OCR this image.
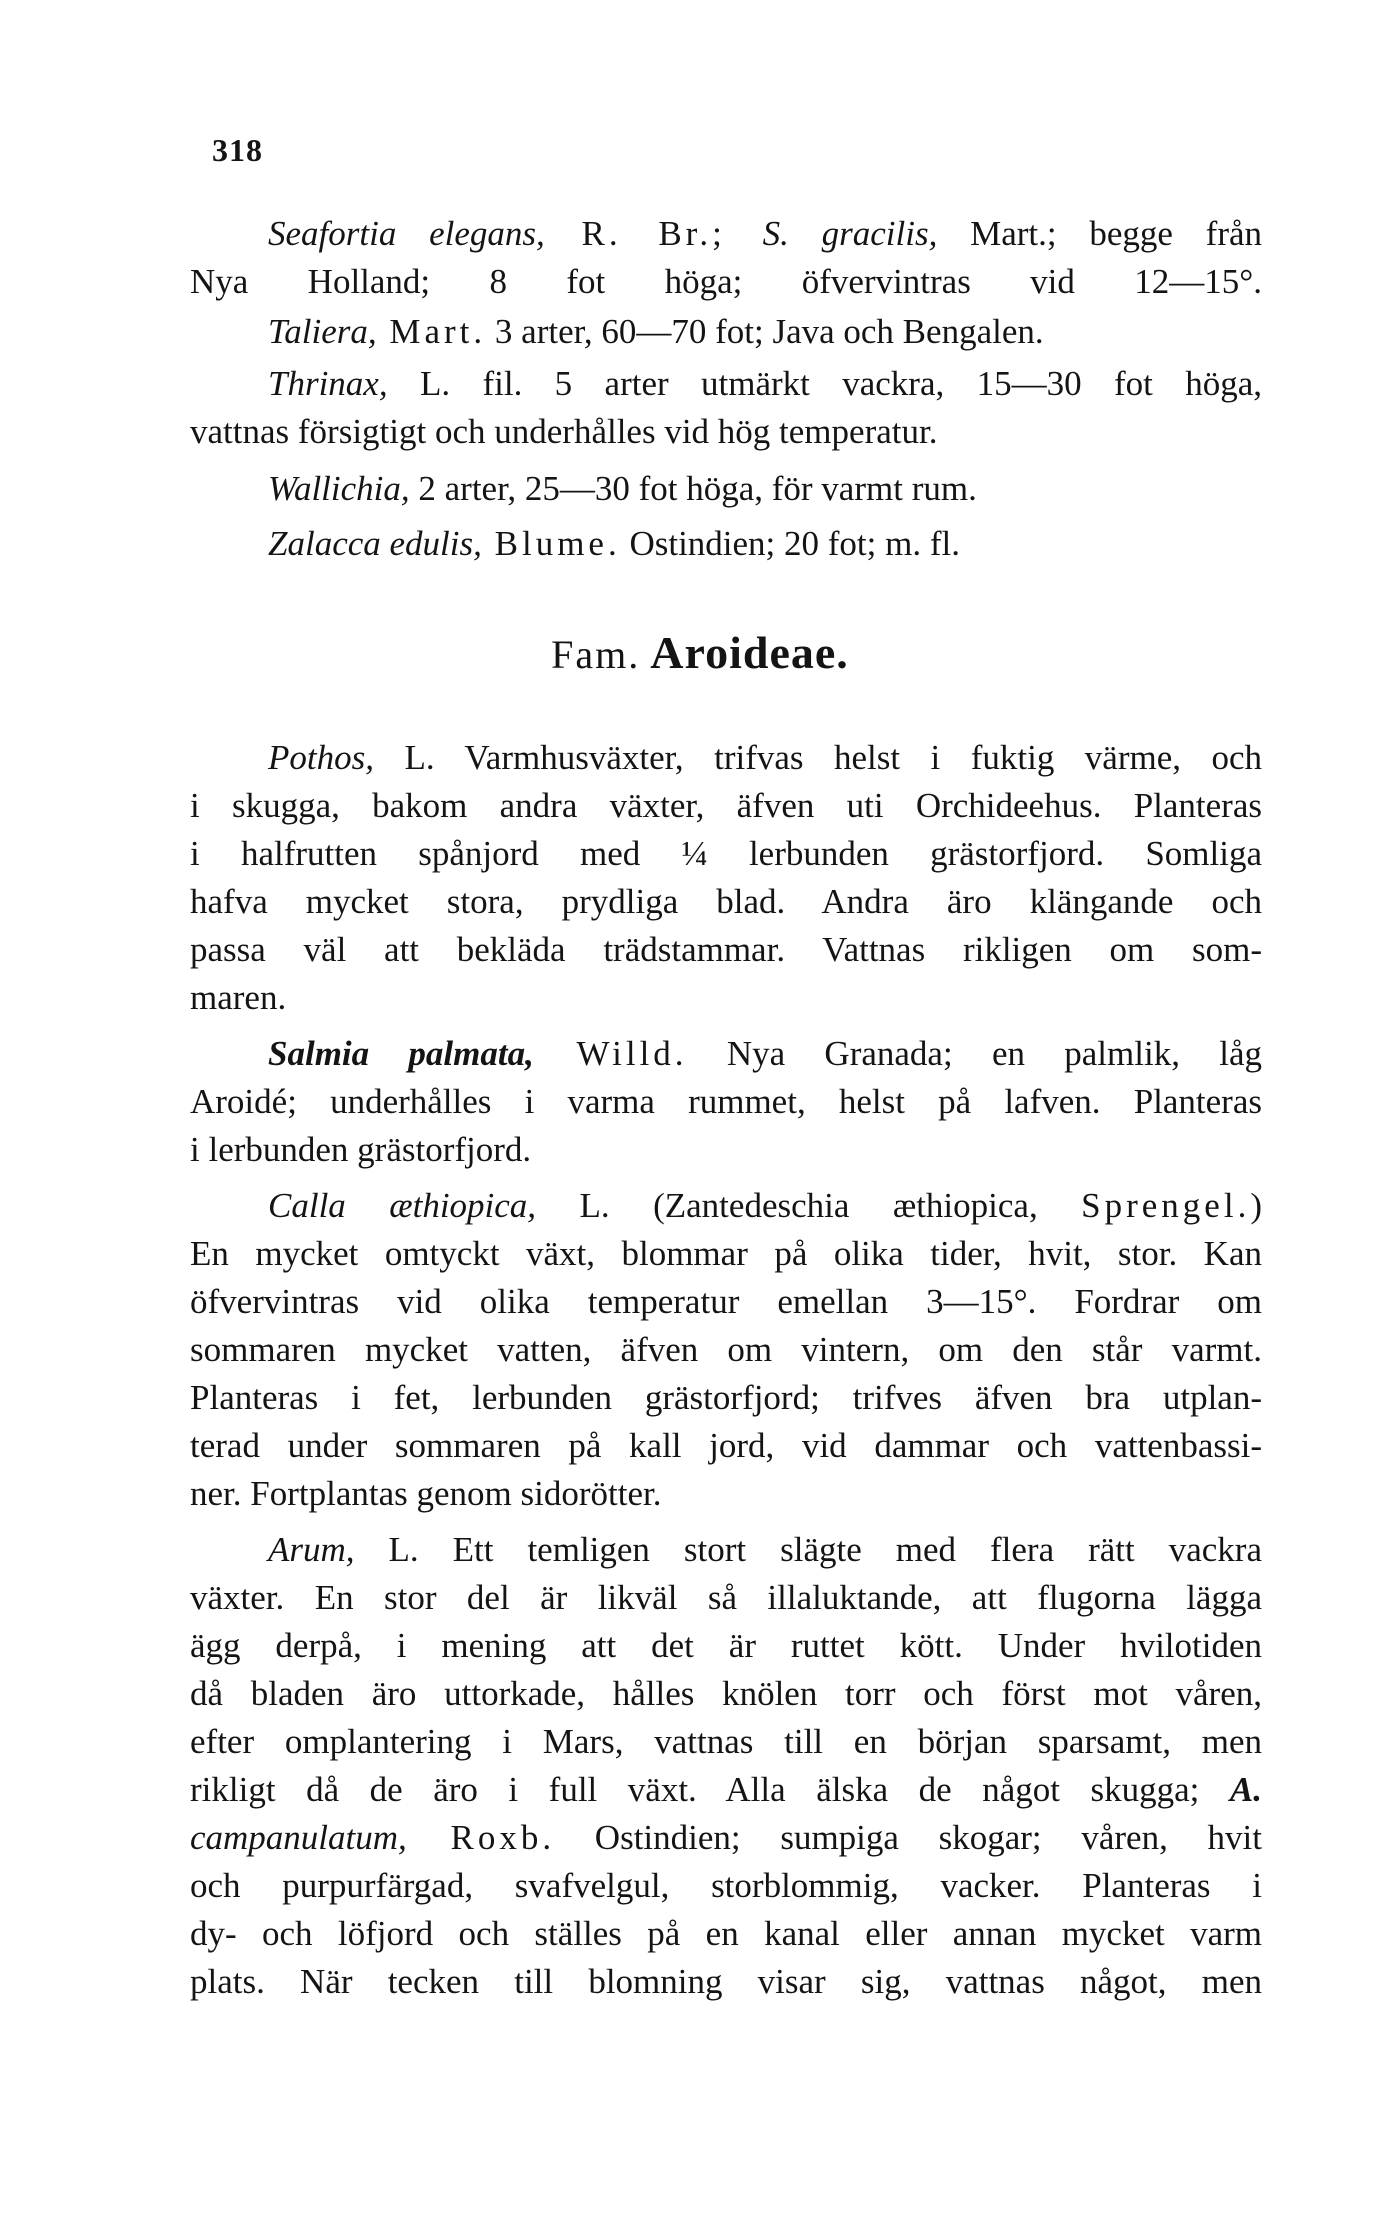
318
Seafortia elegans, R. Br.; S. gracilis, Mart.; begge från
Nya Holland; 8 fot höga; öfvervintras vid 12—15°.
Taliera, Mart. 3 arter, 60—70 fot; Java och Bengalen.
Thrinax, L. fil. 5 arter utmärkt vackra, 15—30 fot höga,
vattnas försigtigt och underhålles vid hög temperatur.
Wallichia, 2 arter, 25—30 fot höga, för varmt rum.
Zalacca edulis, Blume. Ostindien; 20 fot; m. fl.
Fam. Aroideae.
Pothos, L. Varmhusväxter, trifvas helst i fuktig värme, och
i skugga, bakom andra växter, äfven uti Orchideehus. Planteras
i halfrutten spånjord med ¼ lerbunden grästorfjord. Somliga
hafva mycket stora, prydliga blad. Andra äro klängande och
passa väl att bekläda trädstammar. Vattnas rikligen om som-
maren.
Salmia palmata, Willd. Nya Granada; en palmlik, låg
Aroidé; underhålles i varma rummet, helst på lafven. Planteras
i lerbunden grästorfjord.
Calla æthiopica, L. (Zantedeschia æthiopica, Sprengel.)
En mycket omtyckt växt, blommar på olika tider, hvit, stor. Kan
öfvervintras vid olika temperatur emellan 3—15°. Fordrar om
sommaren mycket vatten, äfven om vintern, om den står varmt.
Planteras i fet, lerbunden grästorfjord; trifves äfven bra utplan-
terad under sommaren på kall jord, vid dammar och vattenbassi-
ner. Fortplantas genom sidorötter.
Arum, L. Ett temligen stort slägte med flera rätt vackra
växter. En stor del är likväl så illaluktande, att flugorna lägga
ägg derpå, i mening att det är ruttet kött. Under hvilotiden
då bladen äro uttorkade, hålles knölen torr och först mot våren,
efter omplantering i Mars, vattnas till en början sparsamt, men
rikligt då de äro i full växt. Alla älska de något skugga; A.
campanulatum, Roxb. Ostindien; sumpiga skogar; våren, hvit
och purpurfärgad, svafvelgul, storblommig, vacker. Planteras i
dy- och löfjord och ställes på en kanal eller annan mycket varm
plats. När tecken till blomning visar sig, vattnas något, men
